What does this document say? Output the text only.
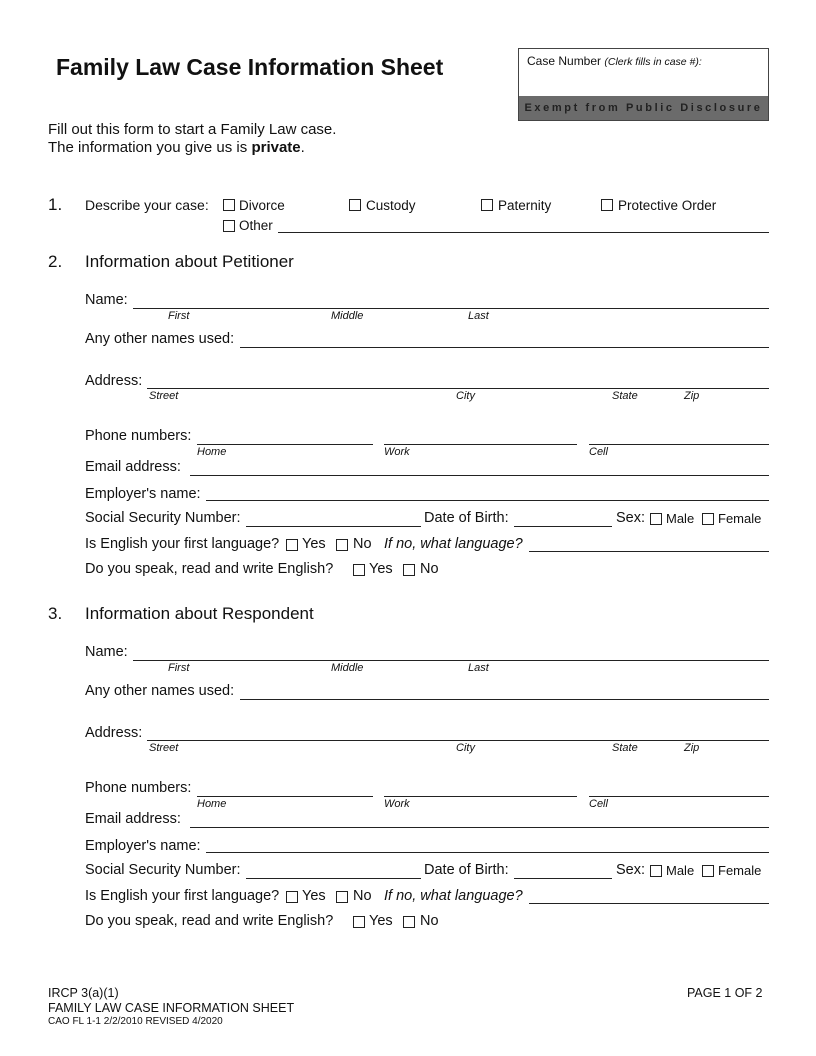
Family Law Case Information Sheet	Case Number (Clerk fills in case #):
Exempt from Public Disclosure
Fill out this form to start a Family Law case.
The information you give us is private.
1. Describe your case: Divorce	Custody	Paternity	Protective Order
Other
2. Information about Petitioner
Name:
First	Middle	Last
Any other names used:
Address:
Street	City	State	Zip
Phone numbers:
Home	Work	Cell
Email address:
Employer's name:
Social Security Number:	Date of Birth:	Sex: Male Female
Is English your first language? Yes No If no, what language?
Do you speak, read and write English? Yes No
3. Information about Respondent
Name:
First	Middle	Last
Any other names used:
Address:
Street	City	State	Zip
Phone numbers:
Home	Work	Cell
Email address:
Employer's name:
Social Security Number:	Date of Birth:	Sex: Male Female
Is English your first language? Yes No If no, what language?
Do you speak, read and write English? Yes No
IRCP 3(a)(1)
FAMILY LAW CASE INFORMATION SHEET
CAO FL 1-1 2/2/2010 REVISED 4/2020
PAGE 1 OF 2
